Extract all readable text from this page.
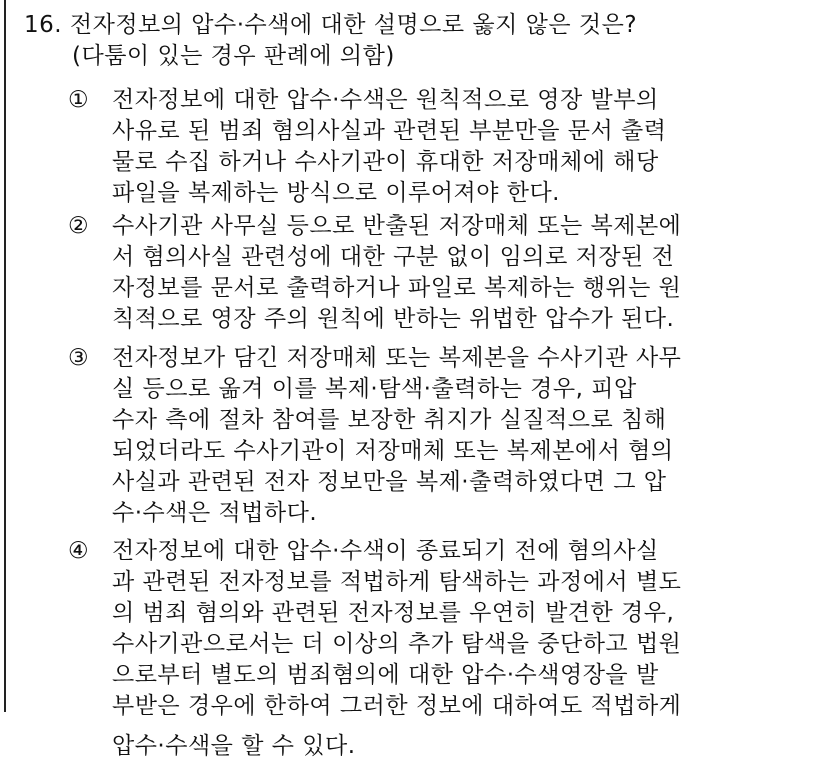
16. 전자정보의 압수·수색에 대한 설명으로 옳지 않은 것은?
(다툼이 있는 경우 판례에 의함)
① 전자정보에 대한 압수·수색은 원칙적으로 영장 발부의
사유로 된 범죄 혐의사실과 관련된 부분만을 문서 출력
물로 수집 하거나 수사기관이 휴대한 저장매체에 해당
파일을 복제하는 방식으로 이루어져야 한다.
② 수사기관 사무실 등으로 반출된 저장매체 또는 복제본에
서 혐의사실 관련성에 대한 구분 없이 임의로 저장된 전
자정보를 문서로 출력하거나 파일로 복제하는 행위는 원
칙적으로 영장 주의 원칙에 반하는 위법한 압수가 된다.
③ 전자정보가 담긴 저장매체 또는 복제본을 수사기관 사무
실 등으로 옮겨 이를 복제·탐색·출력하는 경우, 피압
수자 측에 절차 참여를 보장한 취지가 실질적으로 침해
되었더라도 수사기관이 저장매체 또는 복제본에서 혐의
사실과 관련된 전자 정보만을 복제·출력하였다면 그 압
수·수색은 적법하다.
④ 전자정보에 대한 압수·수색이 종료되기 전에 혐의사실
과 관련된 전자정보를 적법하게 탐색하는 과정에서 별도
의 범죄 혐의와 관련된 전자정보를 우연히 발견한 경우,
수사기관으로서는 더 이상의 추가 탐색을 중단하고 법원
으로부터 별도의 범죄혐의에 대한 압수·수색영장을 발
부받은 경우에 한하여 그러한 정보에 대하여도 적법하게
압수·수색을 할 수 있다.
